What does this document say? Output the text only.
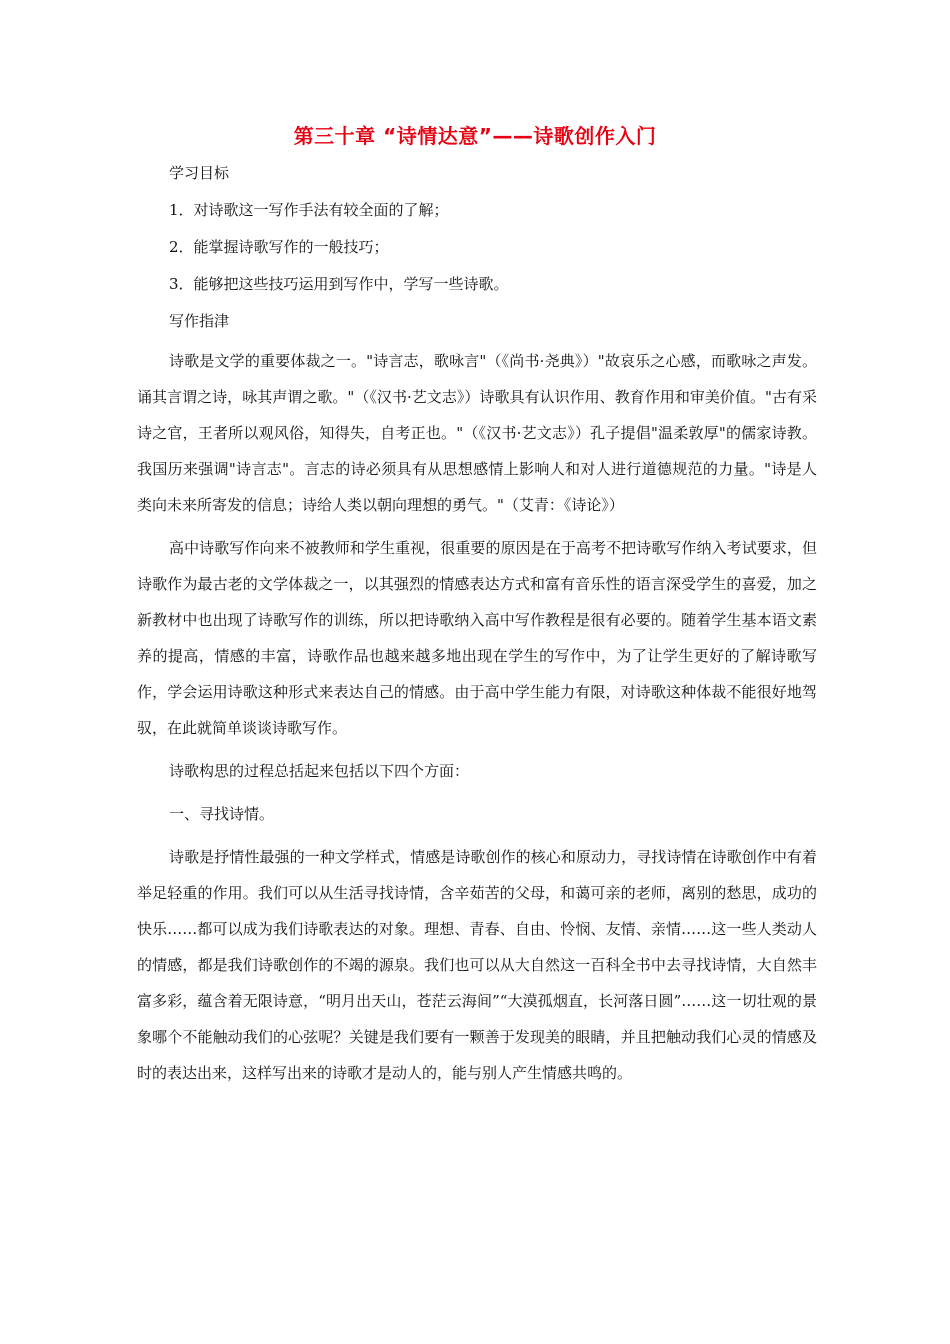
第三十章 “诗情达意”——诗歌创作入门

学习目标

1．对诗歌这一写作手法有较全面的了解；

2．能掌握诗歌写作的一般技巧；

3．能够把这些技巧运用到写作中，学写一些诗歌。

写作指津

诗歌是文学的重要体裁之一。"诗言志，歌咏言"（《尚书·尧典》）"故哀乐之心感，而歌咏之声发。诵其言谓之诗，咏其声谓之歌。"（《汉书·艺文志》）诗歌具有认识作用、教育作用和审美价值。"古有采诗之官，王者所以观风俗，知得失，自考正也。"（《汉书·艺文志》）孔子提倡"温柔敦厚"的儒家诗教。我国历来强调"诗言志"。言志的诗必须具有从思想感情上影响人和对人进行道德规范的力量。"诗是人类向未来所寄发的信息；诗给人类以朝向理想的勇气。"（艾青：《诗论》）

高中诗歌写作向来不被教师和学生重视，很重要的原因是在于高考不把诗歌写作纳入考试要求，但诗歌作为最古老的文学体裁之一，以其强烈的情感表达方式和富有音乐性的语言深受学生的喜爱，加之新教材中也出现了诗歌写作的训练，所以把诗歌纳入高中写作教程是很有必要的。随着学生基本语文素养的提高，情感的丰富，诗歌作品也越来越多地出现在学生的写作中，为了让学生更好的了解诗歌写作，学会运用诗歌这种形式来表达自己的情感。由于高中学生能力有限，对诗歌这种体裁不能很好地驾驭，在此就简单谈谈诗歌写作。

诗歌构思的过程总括起来包括以下四个方面：

一、寻找诗情。

诗歌是抒情性最强的一种文学样式，情感是诗歌创作的核心和原动力，寻找诗情在诗歌创作中有着举足轻重的作用。我们可以从生活寻找诗情，含辛茹苦的父母，和蔼可亲的老师，离别的愁思，成功的快乐……都可以成为我们诗歌表达的对象。理想、青春、自由、怜悯、友情、亲情……这一些人类动人的情感，都是我们诗歌创作的不竭的源泉。我们也可以从大自然这一百科全书中去寻找诗情，大自然丰富多彩，蕴含着无限诗意，“明月出天山，苍茫云海间”“大漠孤烟直，长河落日圆”……这一切壮观的景象哪个不能触动我们的心弦呢？关键是我们要有一颗善于发现美的眼睛，并且把触动我们心灵的情感及时的表达出来，这样写出来的诗歌才是动人的，能与别人产生情感共鸣的。
